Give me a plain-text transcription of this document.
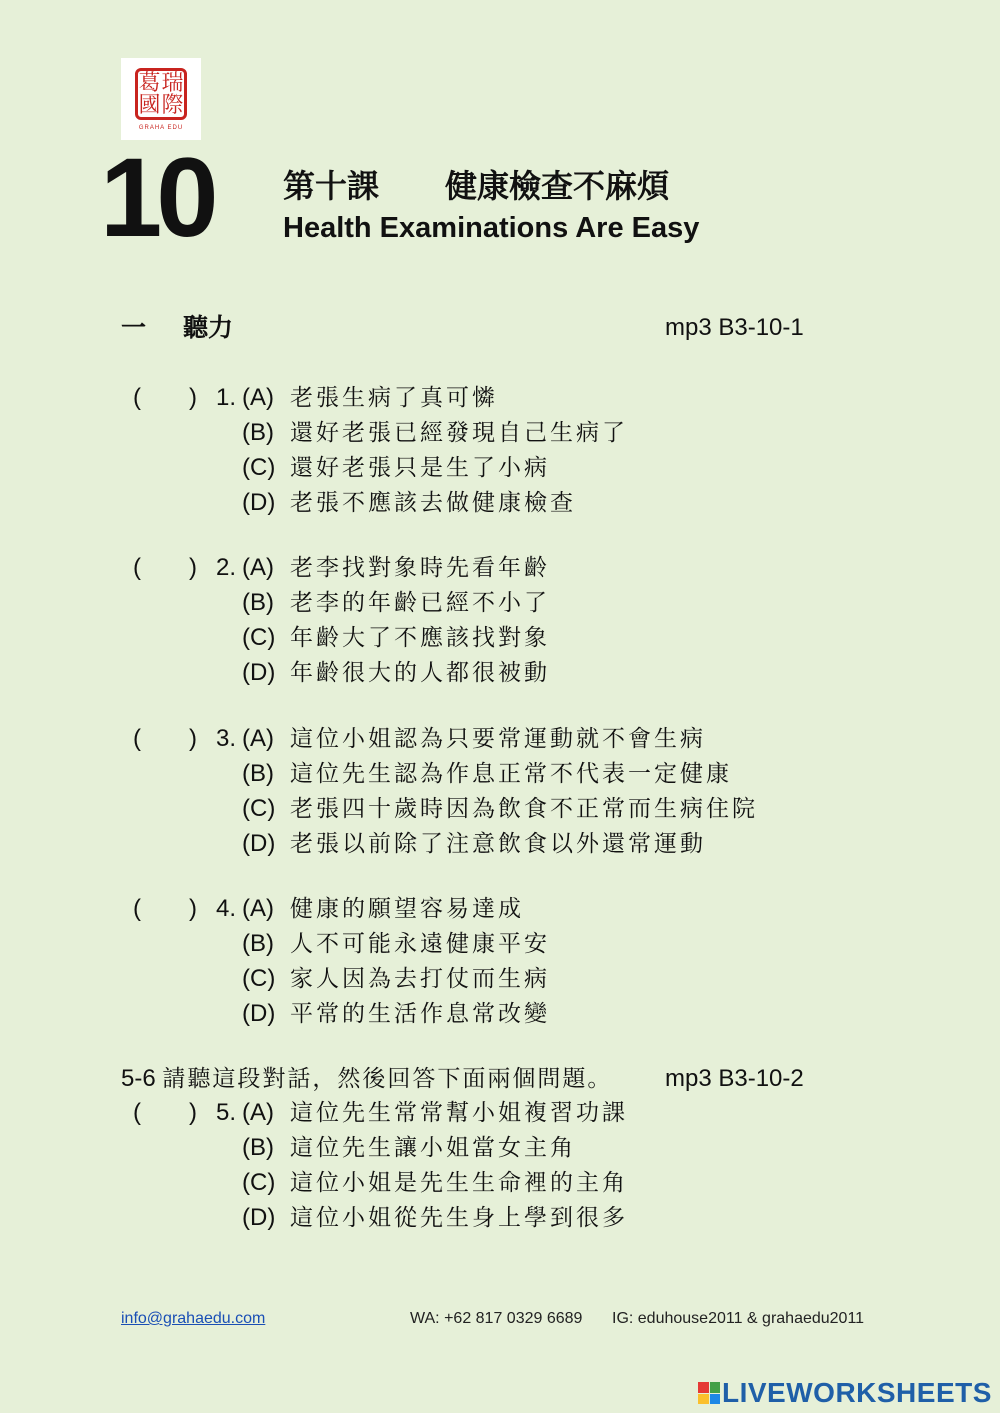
葛 瑞
國 際
GRAHA EDU
10 第十課 健康檢查不麻煩
Health Examinations Are Easy
一 聽力	mp3 B3-10-1
(　　) 1. (A) 老張生病了真可憐
(B) 還好老張已經發現自己生病了
(C) 還好老張只是生了小病
(D) 老張不應該去做健康檢查
(　　) 2. (A) 老李找對象時先看年齡
(B) 老李的年齡已經不小了
(C) 年齡大了不應該找對象
(D) 年齡很大的人都很被動
(　　) 3. (A) 這位小姐認為只要常運動就不會生病
(B) 這位先生認為作息正常不代表一定健康
(C) 老張四十歲時因為飲食不正常而生病住院
(D) 老張以前除了注意飲食以外還常運動
(　　) 4. (A) 健康的願望容易達成
(B) 人不可能永遠健康平安
(C) 家人因為去打仗而生病
(D) 平常的生活作息常改變
5-6 請聽這段對話，然後回答下面兩個問題。 mp3 B3-10-2
(　　) 5. (A) 這位先生常常幫小姐複習功課
(B) 這位先生讓小姐當女主角
(C) 這位小姐是先生生命裡的主角
(D) 這位小姐從先生身上學到很多
info@grahaedu.com	WA: +62 817 0329 6689 IG: eduhouse2011 & grahaedu2011
LIVEWORKSHEETS
